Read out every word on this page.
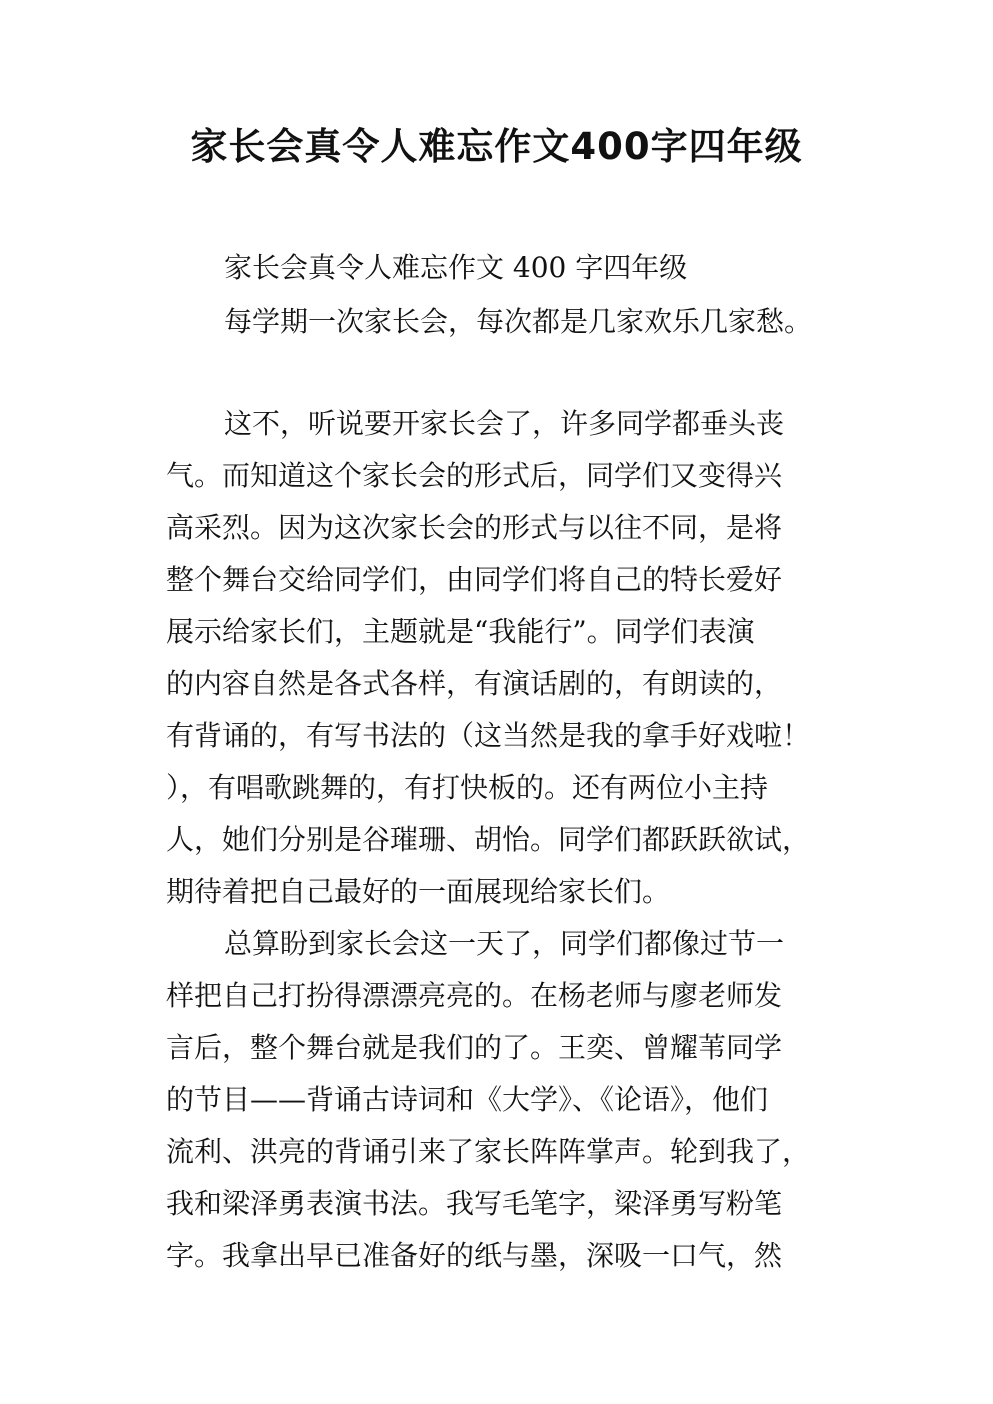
家长会真令人难忘作文400字四年级

家长会真令人难忘作文 400 字四年级

每学期一次家长会，每次都是几家欢乐几家愁。

这不，听说要开家长会了，许多同学都垂头丧

气。而知道这个家长会的形式后，同学们又变得兴

高采烈。因为这次家长会的形式与以往不同，是将

整个舞台交给同学们，由同学们将自己的特长爱好

展示给家长们，主题就是“我能行”。同学们表演

的内容自然是各式各样，有演话剧的，有朗读的，

有背诵的，有写书法的（这当然是我的拿手好戏啦！

），有唱歌跳舞的，有打快板的。还有两位小主持

人，她们分别是谷璀珊、胡怡。同学们都跃跃欲试，

期待着把自己最好的一面展现给家长们。

总算盼到家长会这一天了，同学们都像过节一

样把自己打扮得漂漂亮亮的。在杨老师与廖老师发

言后，整个舞台就是我们的了。王奕、曾耀苇同学

的节目——背诵古诗词和《大学》、《论语》，他们

流利、洪亮的背诵引来了家长阵阵掌声。轮到我了，

我和梁泽勇表演书法。我写毛笔字，梁泽勇写粉笔

字。我拿出早已准备好的纸与墨，深吸一口气，然
